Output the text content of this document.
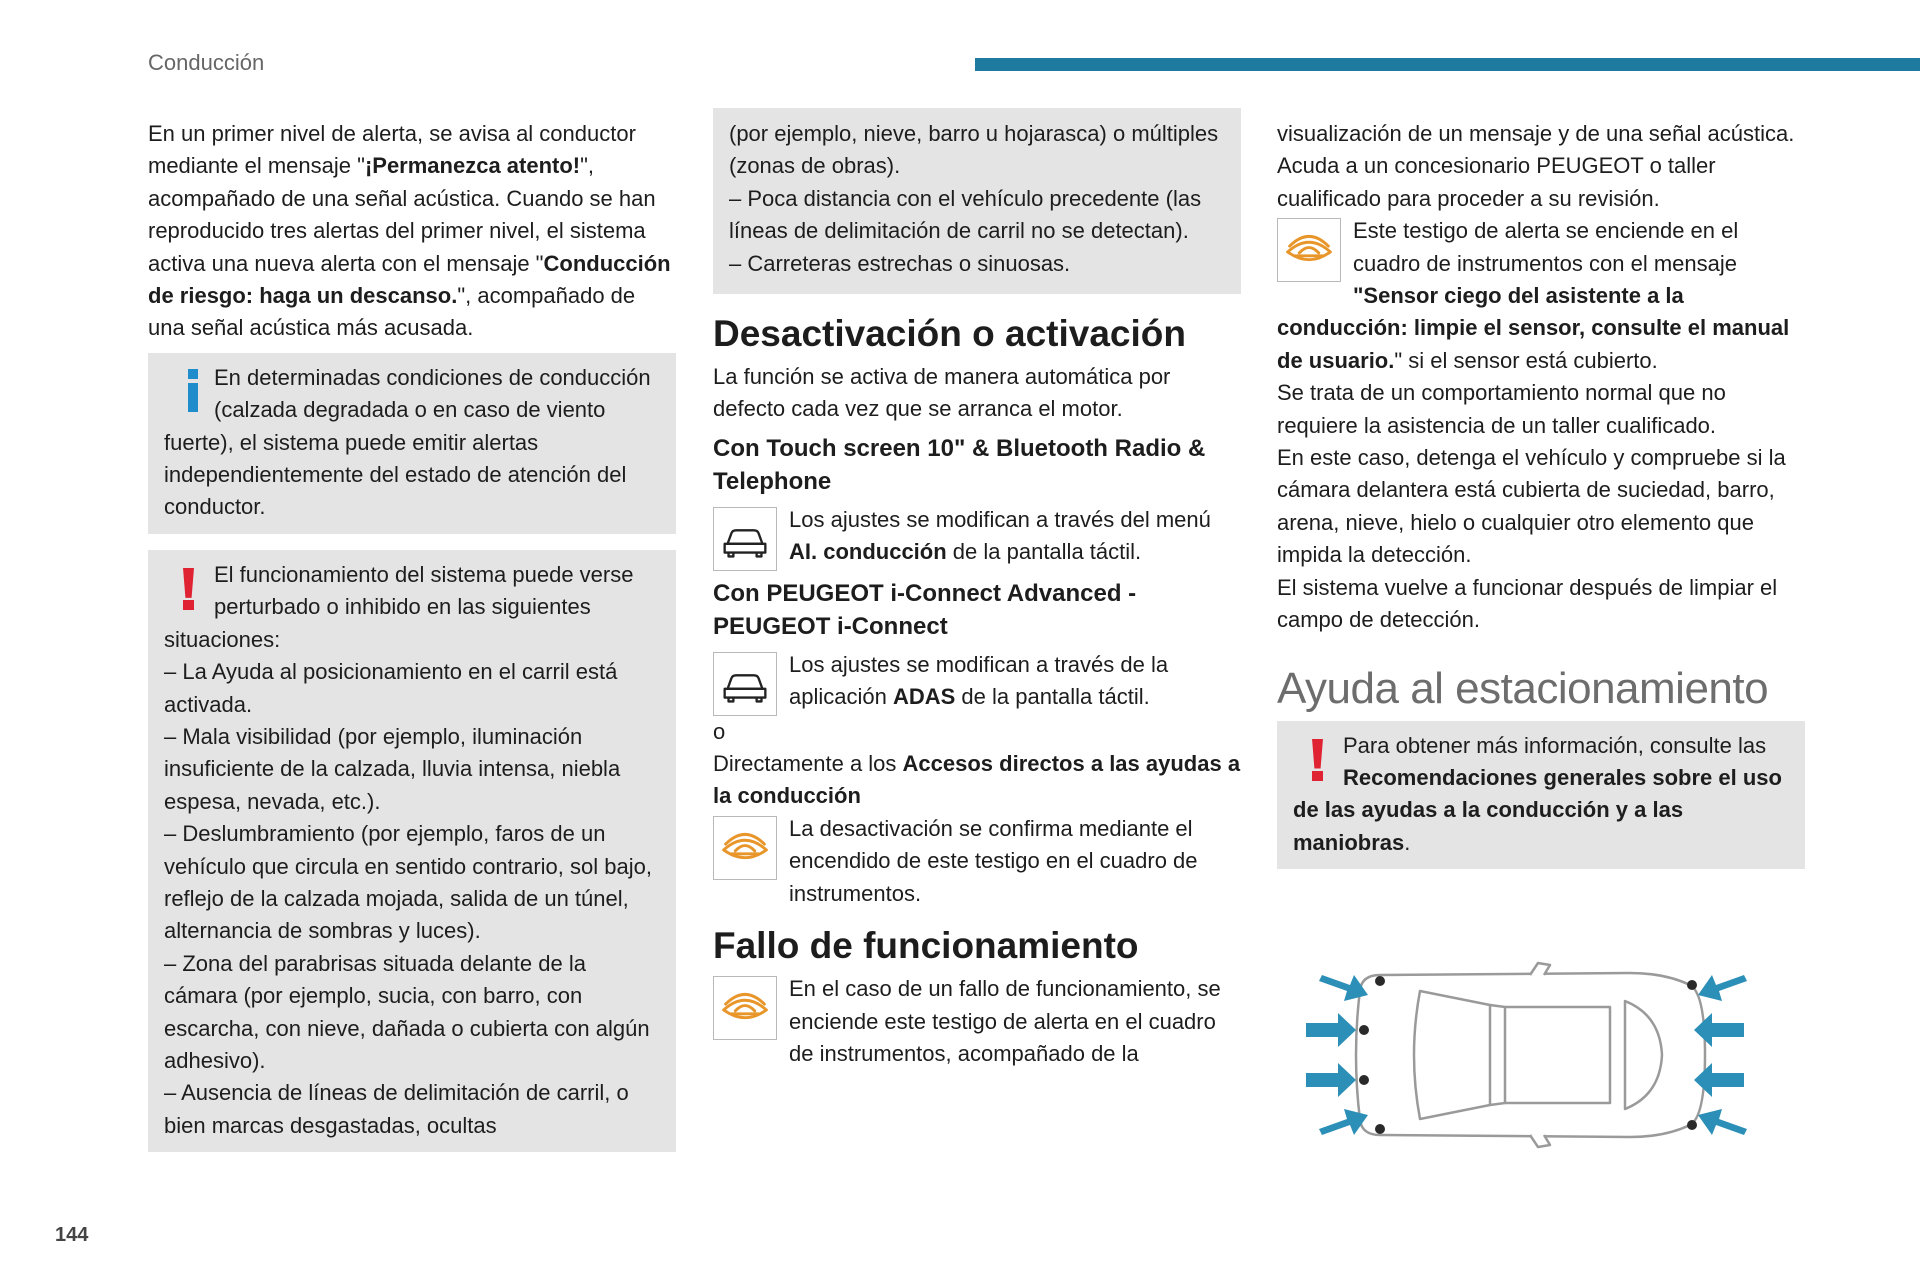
Conducción

En un primer nivel de alerta, se avisa al conductor mediante el mensaje "¡Permanezca atento!", acompañado de una señal acústica. Cuando se han reproducido tres alertas del primer nivel, el sistema activa una nueva alerta con el mensaje "Conducción de riesgo: haga un descanso.", acompañado de una señal acústica más acusada.

En determinadas condiciones de conducción (calzada degradada o en caso de viento fuerte), el sistema puede emitir alertas independientemente del estado de atención del conductor.

El funcionamiento del sistema puede verse perturbado o inhibido en las siguientes situaciones:

– La Ayuda al posicionamiento en el carril está activada.

– Mala visibilidad (por ejemplo, iluminación insuficiente de la calzada, lluvia intensa, niebla espesa, nevada, etc.).

– Deslumbramiento (por ejemplo, faros de un vehículo que circula en sentido contrario, sol bajo, reflejo de la calzada mojada, salida de un túnel, alternancia de sombras y luces).

– Zona del parabrisas situada delante de la cámara (por ejemplo, sucia, con barro, con escarcha, con nieve, dañada o cubierta con algún adhesivo).

– Ausencia de líneas de delimitación de carril, o bien marcas desgastadas, ocultas

(por ejemplo, nieve, barro u hojarasca) o múltiples (zonas de obras).

– Poca distancia con el vehículo precedente (las líneas de delimitación de carril no se detectan).

– Carreteras estrechas o sinuosas.

Desactivación o activación

La función se activa de manera automática por defecto cada vez que se arranca el motor.

Con Touch screen 10" & Bluetooth Radio & Telephone

Los ajustes se modifican a través del menú AI. conducción de la pantalla táctil.

Con PEUGEOT i-Connect Advanced - PEUGEOT i-Connect

Los ajustes se modifican a través de la aplicación ADAS de la pantalla táctil.

o

Directamente a los Accesos directos a las ayudas a la conducción

La desactivación se confirma mediante el encendido de este testigo en el cuadro de instrumentos.

Fallo de funcionamiento

En el caso de un fallo de funcionamiento, se enciende este testigo de alerta en el cuadro de instrumentos, acompañado de la

visualización de un mensaje y de una señal acústica.

Acuda a un concesionario PEUGEOT o taller cualificado para proceder a su revisión.

Este testigo de alerta se enciende en el cuadro de instrumentos con el mensaje "Sensor ciego del asistente a la conducción: limpie el sensor, consulte el manual de usuario." si el sensor está cubierto.

Se trata de un comportamiento normal que no requiere la asistencia de un taller cualificado.

En este caso, detenga el vehículo y compruebe si la cámara delantera está cubierta de suciedad, barro, arena, nieve, hielo o cualquier otro elemento que impida la detección.

El sistema vuelve a funcionar después de limpiar el campo de detección.

Ayuda al estacionamiento
Para obtener más información, consulte las Recomendaciones generales sobre el uso de las ayudas a la conducción y a las maniobras.
144
